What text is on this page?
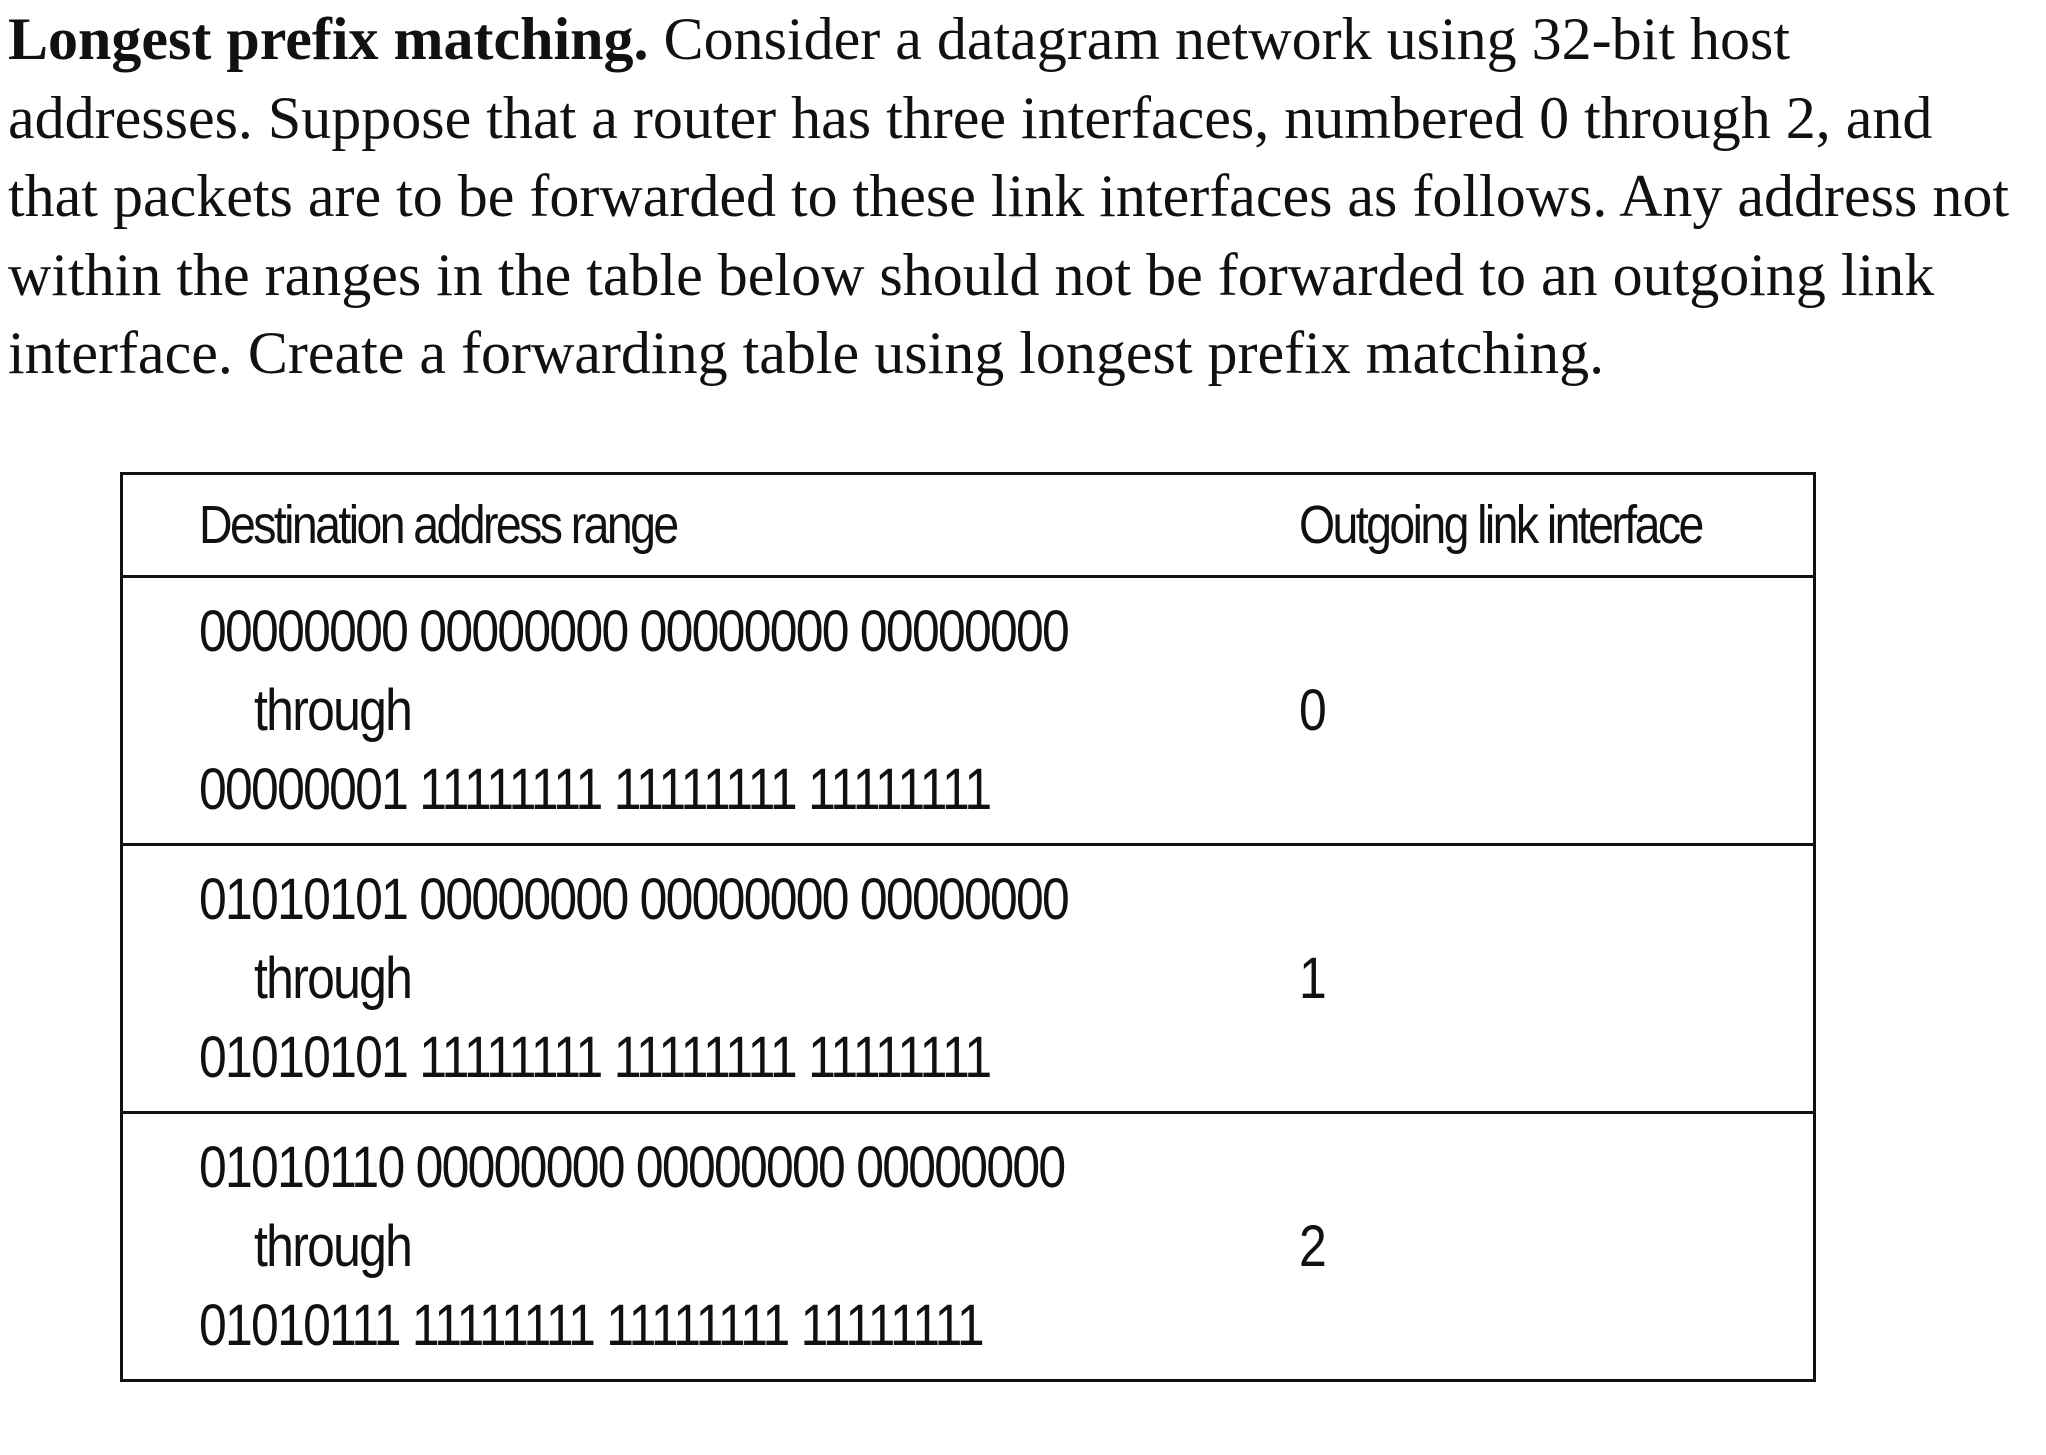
Longest prefix matching. Consider a datagram network using 32-bit host addresses. Suppose that a router has three interfaces, numbered 0 through 2, and that packets are to be forwarded to these link interfaces as follows. Any address not within the ranges in the table below should not be forwarded to an outgoing link interface. Create a forwarding table using longest prefix matching.

Destination address range	Outgoing link interface

00000000 00000000 00000000 00000000
through
00000001 11111111 11111111 11111111	0

01010101 00000000 00000000 00000000
through
01010101 11111111 11111111 11111111	1

01010110 00000000 00000000 00000000
through
01010111 11111111 11111111 11111111	2
